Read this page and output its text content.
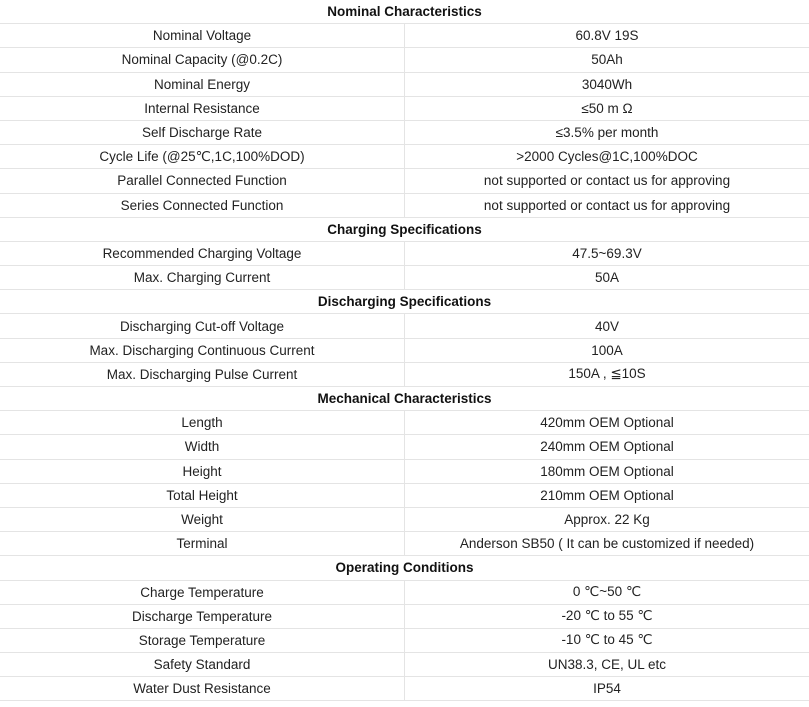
Nominal Characteristics	
Nominal Voltage	60.8V 19S
Nominal Capacity (@0.2C)	50Ah
Nominal Energy	3040Wh
Internal Resistance	≤50 m Ω
Self Discharge Rate	≤3.5% per month
Cycle Life (@25℃,1C,100%DOD)	>2000 Cycles@1C,100%DOC
Parallel Connected Function	not supported or contact us for approving
Series Connected Function	not supported or contact us for approving
Charging Specifications	
Recommended Charging Voltage	47.5~69.3V
Max. Charging Current	50A
Discharging Specifications	
Discharging Cut-off Voltage	40V
Max. Discharging Continuous Current	100A
Max. Discharging Pulse Current	150A , ≦10S
Mechanical Characteristics	
Length	420mm OEM Optional
Width	240mm OEM Optional
Height	180mm OEM Optional
Total Height	210mm OEM Optional
Weight	Approx. 22 Kg
Terminal	Anderson SB50 ( It can be customized if needed)
Operating Conditions	
Charge Temperature	0 ℃~50 ℃
Discharge Temperature	-20 ℃ to 55 ℃
Storage Temperature	-10 ℃ to 45 ℃
Safety Standard	UN38.3, CE, UL etc
Water Dust Resistance	IP54
